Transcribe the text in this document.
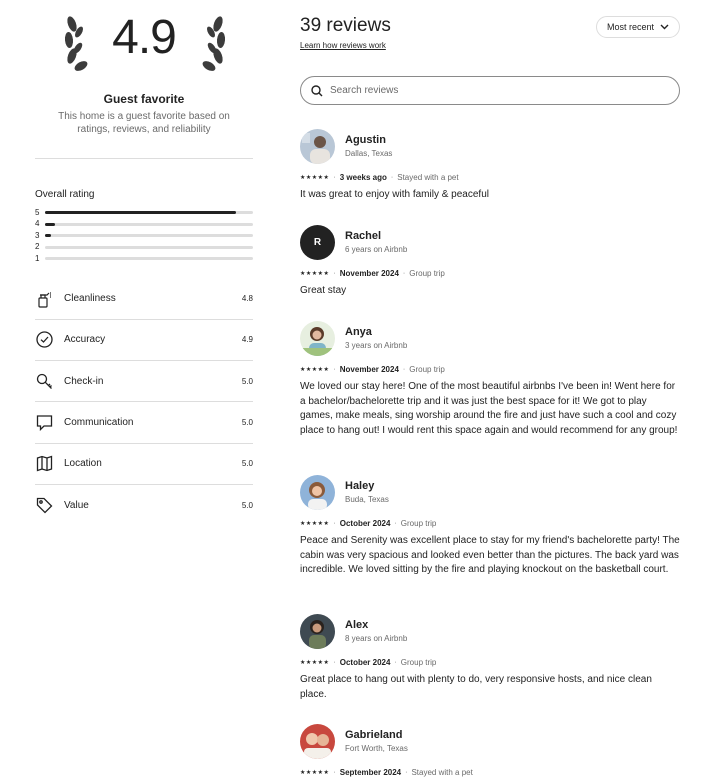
4.9
Guest favorite
This home is a guest favorite based on ratings, reviews, and reliability
Overall rating
5
4
3
2
1
Cleanliness	4.8
Accuracy	4.9
Check-in	5.0
Communication	5.0
Location	5.0
Value	5.0
39 reviews
Learn how reviews work
Most recent
Search reviews
Agustin
Dallas, Texas
★★★★★ · 3 weeks ago · Stayed with a pet
It was great to enjoy with family & peaceful
R
Rachel
6 years on Airbnb
★★★★★ · November 2024 · Group trip
Great stay
Anya
3 years on Airbnb
★★★★★ · November 2024 · Group trip
We loved our stay here! One of the most beautiful airbnbs I've been in! Went here for a bachelor/bachelorette trip and it was just the best space for it! We got to play games, make meals, sing worship around the fire and just have such a cool and cozy place to hang out! I would rent this space again and would recommend for any group!
Haley
Buda, Texas
★★★★★ · October 2024 · Group trip
Peace and Serenity was excellent place to stay for my friend's bachelorette party! The cabin was very spacious and looked even better than the pictures. The back yard was incredible. We loved sitting by the fire and playing knockout on the basketball court.
Alex
8 years on Airbnb
★★★★★ · October 2024 · Group trip
Great place to hang out with plenty to do, very responsive hosts, and nice clean place.
Gabrieland
Fort Worth, Texas
★★★★★ · September 2024 · Stayed with a pet
